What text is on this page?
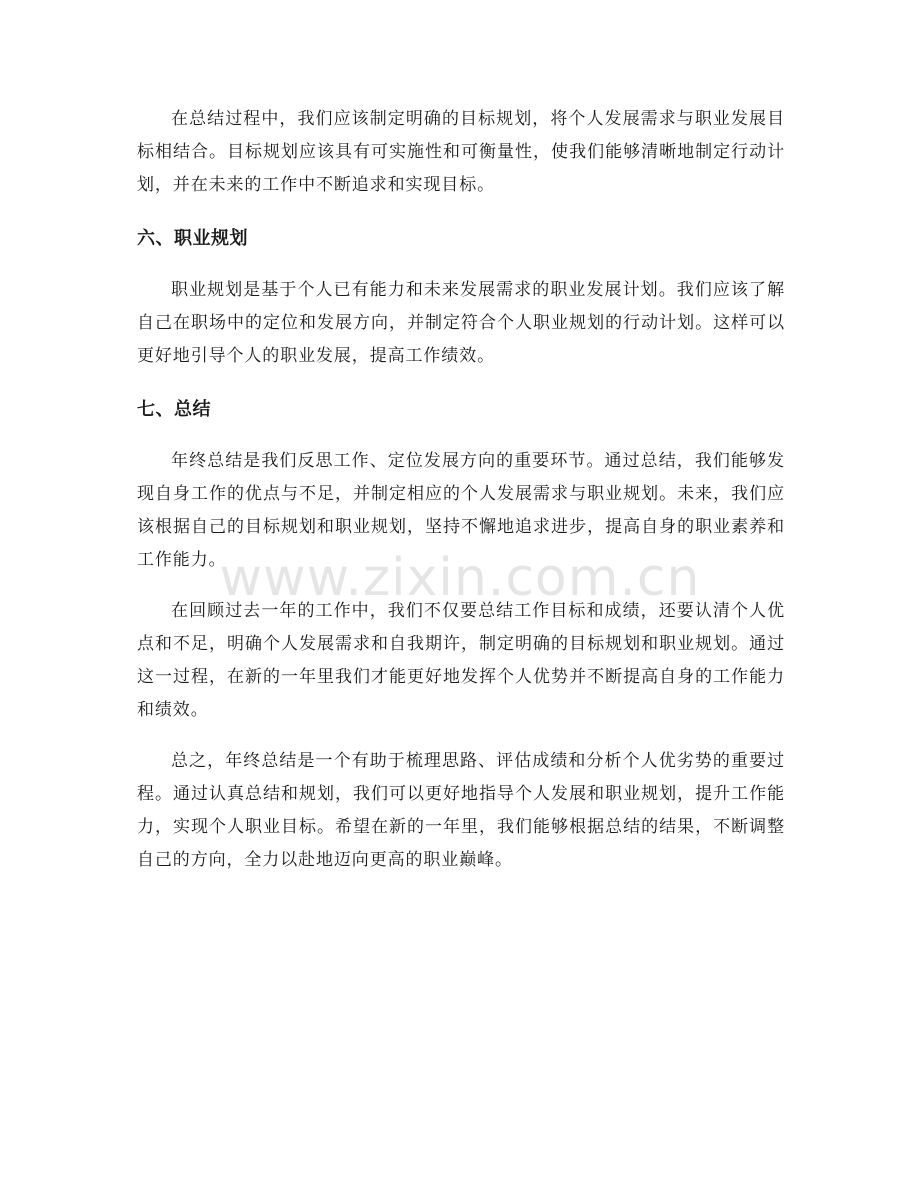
在总结过程中，我们应该制定明确的目标规划，将个人发展需求与职业发展目标相结合。目标规划应该具有可实施性和可衡量性，使我们能够清晰地制定行动计划，并在未来的工作中不断追求和实现目标。

六、职业规划

职业规划是基于个人已有能力和未来发展需求的职业发展计划。我们应该了解自己在职场中的定位和发展方向，并制定符合个人职业规划的行动计划。这样可以更好地引导个人的职业发展，提高工作绩效。

七、总结

年终总结是我们反思工作、定位发展方向的重要环节。通过总结，我们能够发现自身工作的优点与不足，并制定相应的个人发展需求与职业规划。未来，我们应该根据自己的目标规划和职业规划，坚持不懈地追求进步，提高自身的职业素养和工作能力。

在回顾过去一年的工作中，我们不仅要总结工作目标和成绩，还要认清个人优点和不足，明确个人发展需求和自我期许，制定明确的目标规划和职业规划。通过这一过程，在新的一年里我们才能更好地发挥个人优势并不断提高自身的工作能力和绩效。

总之，年终总结是一个有助于梳理思路、评估成绩和分析个人优劣势的重要过程。通过认真总结和规划，我们可以更好地指导个人发展和职业规划，提升工作能力，实现个人职业目标。希望在新的一年里，我们能够根据总结的结果，不断调整自己的方向，全力以赴地迈向更高的职业巅峰。

www.zixin.com.cn
